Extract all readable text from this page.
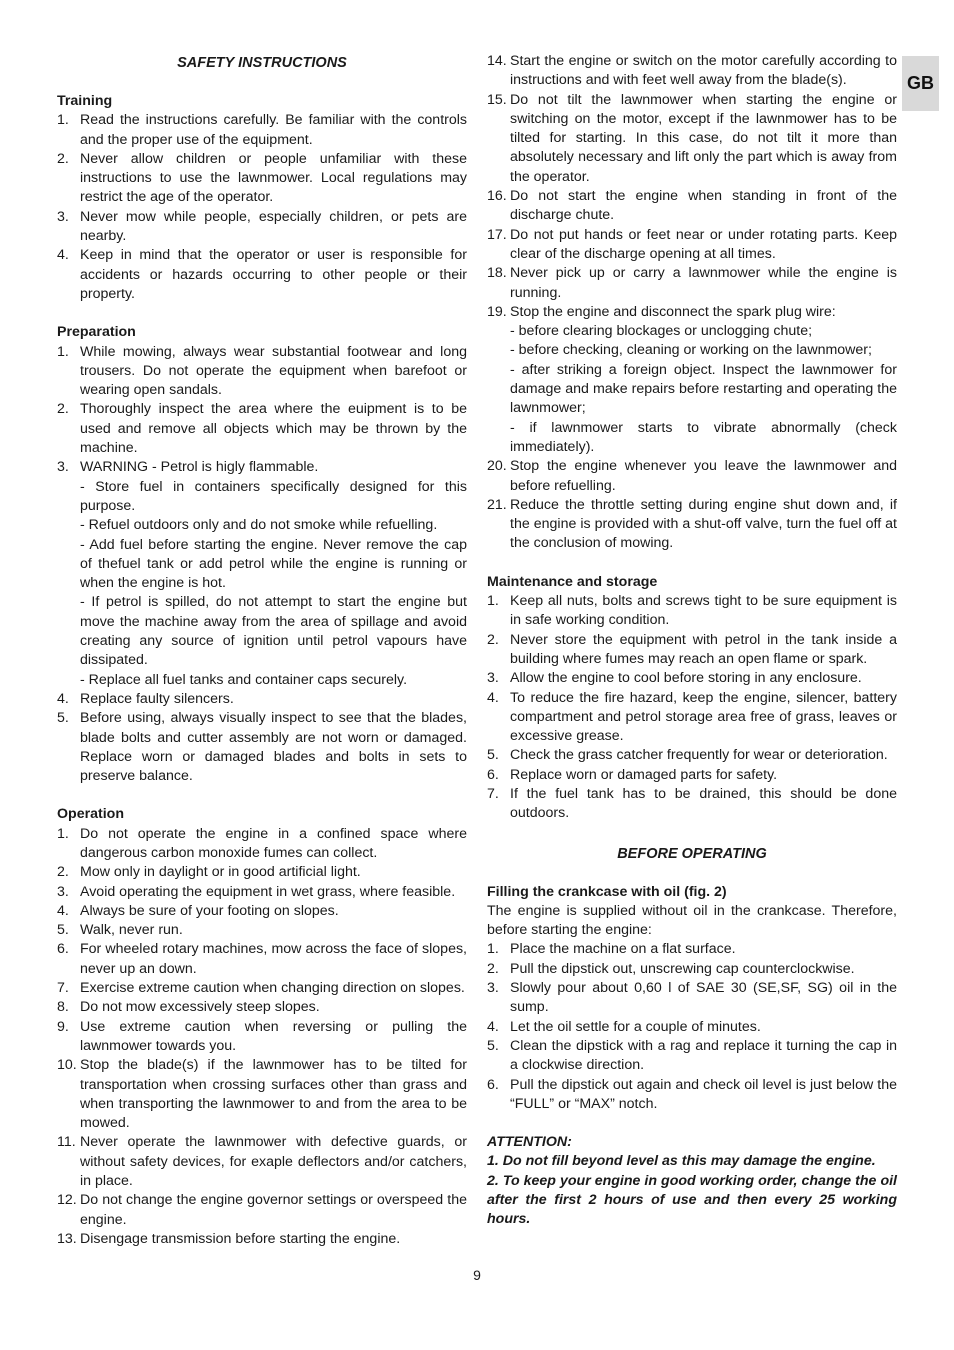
GB
SAFETY INSTRUCTIONS
Training
1. Read the instructions carefully. Be familiar with the controls and the proper use of the equipment.
2. Never allow children or people unfamiliar with these instructions to use the lawnmower. Local regulations may restrict the age of the operator.
3. Never mow while people, especially children, or pets are nearby.
4. Keep in mind that the operator or user is responsible for accidents or hazards occurring to other people or their property.
Preparation
1. While mowing, always wear substantial footwear and long trousers. Do not operate the equipment when barefoot or wearing open sandals.
2. Thoroughly inspect the area where the euipment is to be used and remove all objects which may be thrown by the machine.
3. WARNING - Petrol is higly flammable.
- Store fuel in containers specifically designed for this purpose.
- Refuel outdoors only and do not smoke while refuelling.
- Add fuel before starting the engine. Never remove the cap of thefuel tank or add petrol while the engine is running or when the engine is hot.
- If petrol is spilled, do not attempt to start the engine but move the machine away from the area of spillage and avoid creating any source of ignition until petrol vapours have dissipated.
- Replace all fuel tanks and container caps securely.
4. Replace faulty silencers.
5. Before using, always visually inspect to see that the blades, blade bolts and cutter assembly are not worn or damaged. Replace worn or damaged blades and bolts in sets to preserve balance.
Operation
1. Do not operate the engine in a confined space where dangerous carbon monoxide fumes can collect.
2. Mow only in daylight or in good artificial light.
3. Avoid operating the equipment in wet grass, where feasible.
4. Always be sure of your footing on slopes.
5. Walk, never run.
6. For wheeled rotary machines, mow across the face of slopes, never up an down.
7. Exercise extreme caution when changing direction on slopes.
8. Do not mow excessively steep slopes.
9. Use extreme caution when reversing or pulling the lawnmower towards you.
10. Stop the blade(s) if the lawnmower has to be tilted for transportation when crossing surfaces other than grass and when transporting the lawnmower to and from the area to be mowed.
11. Never operate the lawnmower with defective guards, or without safety devices, for exaple deflectors and/or catchers, in place.
12. Do not change the engine governor settings or overspeed the engine.
13. Disengage transmission before starting the engine.
14. Start the engine or switch on the motor carefully according to instructions and with feet well away from the blade(s).
15. Do not tilt the lawnmower when starting the engine or switching on the motor, except if the lawnmower has to be tilted for starting. In this case, do not tilt it more than absolutely necessary and lift only the part which is away from the operator.
16. Do not start the engine when standing in front of the discharge chute.
17. Do not put hands or feet near or under rotating parts. Keep clear of the discharge opening at all times.
18. Never pick up or carry a lawnmower while the engine is running.
19. Stop the engine and disconnect the spark plug wire:
- before clearing blockages or unclogging chute;
- before checking, cleaning or working on the lawnmower;
- after striking a foreign object. Inspect the lawnmower for damage and make repairs before restarting and operating the lawnmower;
- if lawnmower starts to vibrate abnormally (check immediately).
20. Stop the engine whenever you leave the lawnmower and before refuelling.
21. Reduce the throttle setting during engine shut down and, if the engine is provided with a shut-off valve, turn the fuel off at the conclusion of mowing.
Maintenance and storage
1. Keep all nuts, bolts and screws tight to be sure equipment is in safe working condition.
2. Never store the equipment with petrol in the tank inside a building where fumes may reach an open flame or spark.
3. Allow the engine to cool before storing in any enclosure.
4. To reduce the fire hazard, keep the engine, silencer, battery compartment and petrol storage area free of grass, leaves or excessive grease.
5. Check the grass catcher frequently for wear or deterioration.
6. Replace worn or damaged parts for safety.
7. If the fuel tank has to be drained, this should be done outdoors.
BEFORE OPERATING
Filling the crankcase with oil (fig. 2)

The engine is supplied without oil in the crankcase. Therefore, before starting the engine:

1. Place the machine on a flat surface.
2. Pull the dipstick out, unscrewing cap counterclockwise.
3. Slowly pour about 0,60 l of SAE 30 (SE,SF, SG) oil in the sump.
4. Let the oil settle for a couple of minutes.
5. Clean the dipstick with a rag and replace it turning the cap in a clockwise direction.
6. Pull the dipstick out again and check oil level is just below the “FULL” or “MAX” notch.
ATTENTION:
1. Do not fill beyond level as this may damage the engine.
2. To keep your engine in good working order, change the oil after the first 2 hours of use and then every 25 working hours.
9
